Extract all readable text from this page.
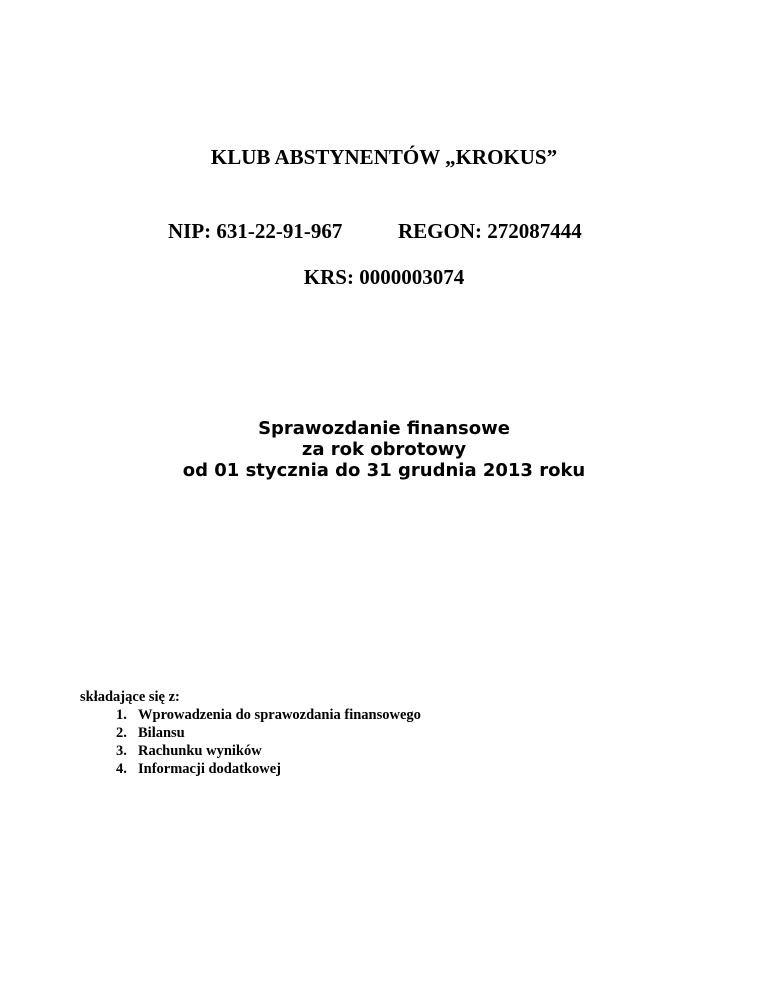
KLUB ABSTYNENTÓW „KROKUS”
NIP: 631-22-91-967	REGON: 272087444
KRS: 0000003074
Sprawozdanie finansowe
za rok obrotowy
od 01 stycznia do 31 grudnia 2013 roku
składające się z:
1. Wprowadzenia do sprawozdania finansowego
2. Bilansu
3. Rachunku wyników
4. Informacji dodatkowej
